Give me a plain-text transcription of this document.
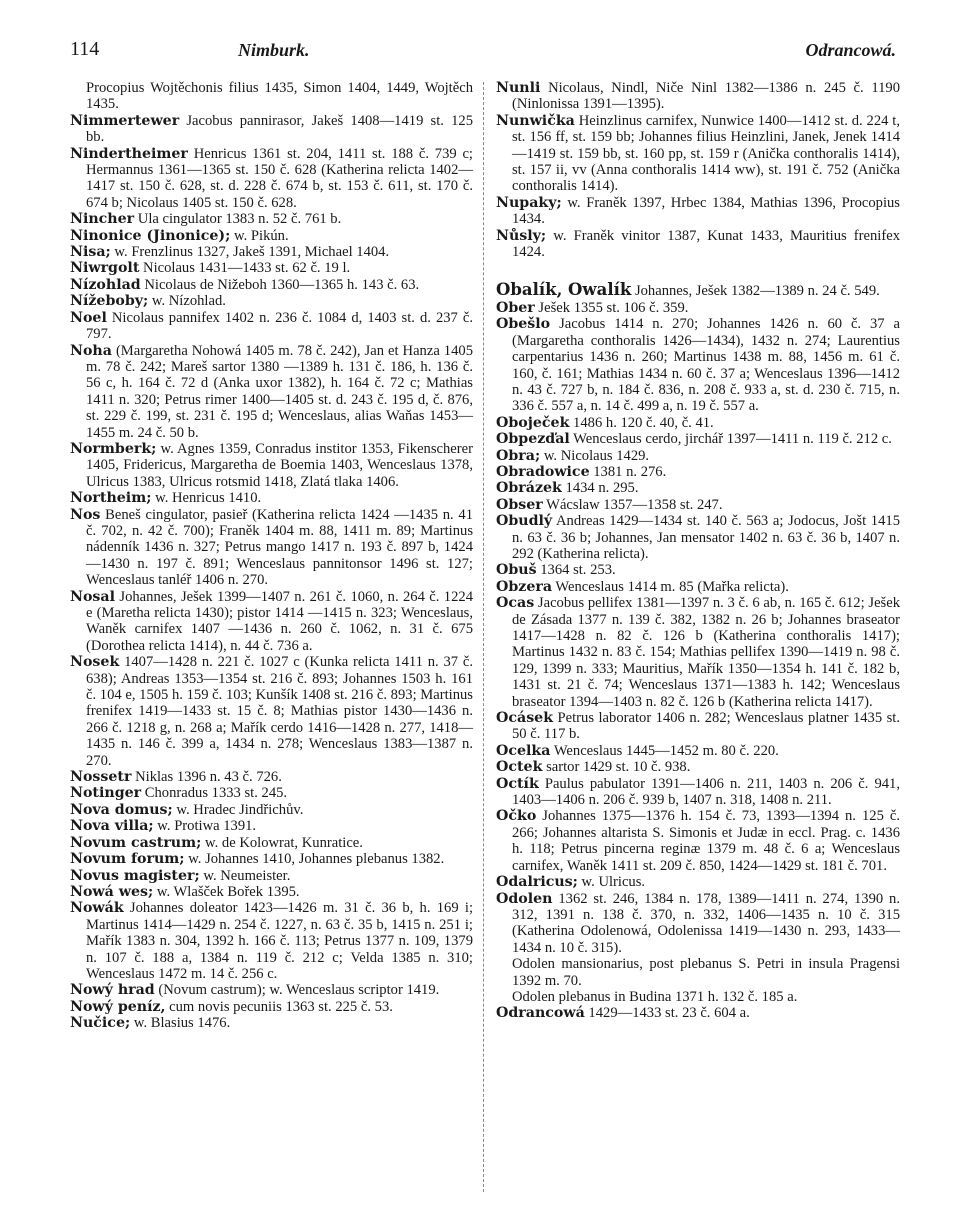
114	Nimburk.	Odrancowá.

Procopius Wojtěchonis filius 1435, Simon 1404, 1449, Wojtěch 1435.

Nimmertewer Jacobus pannirasor, Jakeš 1408—1419 st. 125 bb.

Nindertheimer Henricus 1361 st. 204, 1411 st. 188 č. 739 c; Hermannus 1361—1365 st. 150 č. 628 (Katherina relicta 1402—1417 st. 150 č. 628, st. d. 228 č. 674 b, st. 153 č. 611, st. 170 č. 674 b; Nicolaus 1405 st. 150 č. 628.

Nincher Ula cingulator 1383 n. 52 č. 761 b.

Ninonice (Jinonice); w. Pikún.

Nisa; w. Frenzlinus 1327, Jakeš 1391, Michael 1404.

Niwrgolt Nicolaus 1431—1433 st. 62 č. 19 l.

Nízohlad Nicolaus de Nižeboh 1360—1365 h. 143 č. 63.

Nížeboby; w. Nízohlad.

Noel Nicolaus pannifex 1402 n. 236 č. 1084 d, 1403 st. d. 237 č. 797.

Noha (Margaretha Nohowá 1405 m. 78 č. 242), Jan et Hanza 1405 m. 78 č. 242; Mareš sartor 1380 —1389 h. 131 č. 186, h. 136 č. 56 c, h. 164 č. 72 d (Anka uxor 1382), h. 164 č. 72 c; Mathias 1411 n. 320; Petrus rimer 1400—1405 st. d. 243 č. 195 d, č. 876, st. 229 č. 199, st. 231 č. 195 d; Wenceslaus, alias Waňas 1453—1455 m. 24 č. 50 b.

Normberk; w. Agnes 1359, Conradus institor 1353, Fikenscherer 1405, Fridericus, Margaretha de Boemia 1403, Wenceslaus 1378, Ulricus 1383, Ulricus rotsmid 1418, Zlatá tlaka 1406.

Northeim; w. Henricus 1410.

Nos Beneš cingulator, pasieř (Katherina relicta 1424 —1435 n. 41 č. 702, n. 42 č. 700); Franěk 1404 m. 88, 1411 m. 89; Martinus nádenník 1436 n. 327; Petrus mango 1417 n. 193 č. 897 b, 1424—1430 n. 197 č. 891; Wenceslaus pannitonsor 1496 st. 127; Wenceslaus tanléř 1406 n. 270.

Nosal Johannes, Ješek 1399—1407 n. 261 č. 1060, n. 264 č. 1224 e (Maretha relicta 1430); pistor 1414 —1415 n. 323; Wenceslaus, Waněk carnifex 1407 —1436 n. 260 č. 1062, n. 31 č. 675 (Dorothea relicta 1414), n. 44 č. 736 a.

Nosek 1407—1428 n. 221 č. 1027 c (Kunka relicta 1411 n. 37 č. 638); Andreas 1353—1354 st. 216 č. 893; Johannes 1503 h. 161 č. 104 e, 1505 h. 159 č. 103; Kunšík 1408 st. 216 č. 893; Martinus frenifex 1419—1433 st. 15 č. 8; Mathias pistor 1430—1436 n. 266 č. 1218 g, n. 268 a; Mařík cerdo 1416—1428 n. 277, 1418—1435 n. 146 č. 399 a, 1434 n. 278; Wenceslaus 1383—1387 n. 270.

Nossetr Niklas 1396 n. 43 č. 726.

Notinger Chonradus 1333 st. 245.

Nova domus; w. Hradec Jindřichův.

Nova villa; w. Protiwa 1391.

Novum castrum; w. de Kolowrat, Kunratice.

Novum forum; w. Johannes 1410, Johannes plebanus 1382.

Novus magister; w. Neumeister.

Nowá wes; w. Wlašček Bořek 1395.

Nowák Johannes doleator 1423—1426 m. 31 č. 36 b, h. 169 i; Martinus 1414—1429 n. 254 č. 1227, n. 63 č. 35 b, 1415 n. 251 i; Mařík 1383 n. 304, 1392 h. 166 č. 113; Petrus 1377 n. 109, 1379 n. 107 č. 188 a, 1384 n. 119 č. 212 c; Velda 1385 n. 310; Wenceslaus 1472 m. 14 č. 256 c.

Nowý hrad (Novum castrum); w. Wenceslaus scriptor 1419.

Nowý peníz, cum novis pecuniis 1363 st. 225 č. 53.

Nučice; w. Blasius 1476.

Nunli Nicolaus, Nindl, Niče Ninl 1382—1386 n. 245 č. 1190 (Ninlonissa 1391—1395).

Nunwička Heinzlinus carnifex, Nunwice 1400—1412 st. d. 224 t, st. 156 ff, st. 159 bb; Johannes filius Heinzlini, Janek, Jenek 1414—1419 st. 159 bb, st. 160 pp, st. 159 r (Anička conthoralis 1414), st. 157 ii, vv (Anna conthoralis 1414 ww), st. 191 č. 752 (Anička conthoralis 1414).

Nupaky; w. Franěk 1397, Hrbec 1384, Mathias 1396, Procopius 1434.

Nůsly; w. Franěk vinitor 1387, Kunat 1433, Mauritius frenifex 1424.

Obalík, Owalík Johannes, Ješek 1382—1389 n. 24 č. 549.

Ober Ješek 1355 st. 106 č. 359.

Obešlo Jacobus 1414 n. 270; Johannes 1426 n. 60 č. 37 a (Margaretha conthoralis 1426—1434), 1432 n. 274; Laurentius carpentarius 1436 n. 260; Martinus 1438 m. 88, 1456 m. 61 č. 160, č. 161; Mathias 1434 n. 60 č. 37 a; Wenceslaus 1396—1412 n. 43 č. 727 b, n. 184 č. 836, n. 208 č. 933 a, st. d. 230 č. 715, n. 336 č. 557 a, n. 14 č. 499 a, n. 19 č. 557 a.

Oboječek 1486 h. 120 č. 40, č. 41.

Obpezďal Wenceslaus cerdo, jirchář 1397—1411 n. 119 č. 212 c.

Obra; w. Nicolaus 1429.

Obradowice 1381 n. 276.

Obrázek 1434 n. 295.

Obser Wácslaw 1357—1358 st. 247.

Obudlý Andreas 1429—1434 st. 140 č. 563 a; Jodocus, Jošt 1415 n. 63 č. 36 b; Johannes, Jan mensator 1402 n. 63 č. 36 b, 1407 n. 292 (Katherina relicta).

Obuš 1364 st. 253.

Obzera Wenceslaus 1414 m. 85 (Mařka relicta).

Ocas Jacobus pellifex 1381—1397 n. 3 č. 6 ab, n. 165 č. 612; Ješek de Zásada 1377 n. 139 č. 382, 1382 n. 26 b; Johannes braseator 1417—1428 n. 82 č. 126 b (Katherina conthoralis 1417); Martinus 1432 n. 83 č. 154; Mathias pellifex 1390—1419 n. 98 č. 129, 1399 n. 333; Mauritius, Mařík 1350—1354 h. 141 č. 182 b, 1431 st. 21 č. 74; Wenceslaus 1371—1383 h. 142; Wenceslaus braseator 1394—1403 n. 82 č. 126 b (Katherina relicta 1417).

Ocásek Petrus laborator 1406 n. 282; Wenceslaus platner 1435 st. 50 č. 117 b.

Ocelka Wenceslaus 1445—1452 m. 80 č. 220.

Octek sartor 1429 st. 10 č. 938.

Octík Paulus pabulator 1391—1406 n. 211, 1403 n. 206 č. 941, 1403—1406 n. 206 č. 939 b, 1407 n. 318, 1408 n. 211.

Očko Johannes 1375—1376 h. 154 č. 73, 1393—1394 n. 125 č. 266; Johannes altarista S. Simonis et Judæ in eccl. Prag. c. 1436 h. 118; Petrus pincerna reginæ 1379 m. 48 č. 6 a; Wenceslaus carnifex, Waněk 1411 st. 209 č. 850, 1424—1429 st. 181 č. 701.

Odalricus; w. Ulricus.

Odolen 1362 st. 246, 1384 n. 178, 1389—1411 n. 274, 1390 n. 312, 1391 n. 138 č. 370, n. 332, 1406—1435 n. 10 č. 315 (Katherina Odolenowá, Odolenissa 1419—1430 n. 293, 1433—1434 n. 10 č. 315).

Odolen mansionarius, post plebanus S. Petri in insula Pragensi 1392 m. 70.

Odolen plebanus in Budina 1371 h. 132 č. 185 a.

Odrancowá 1429—1433 st. 23 č. 604 a.
